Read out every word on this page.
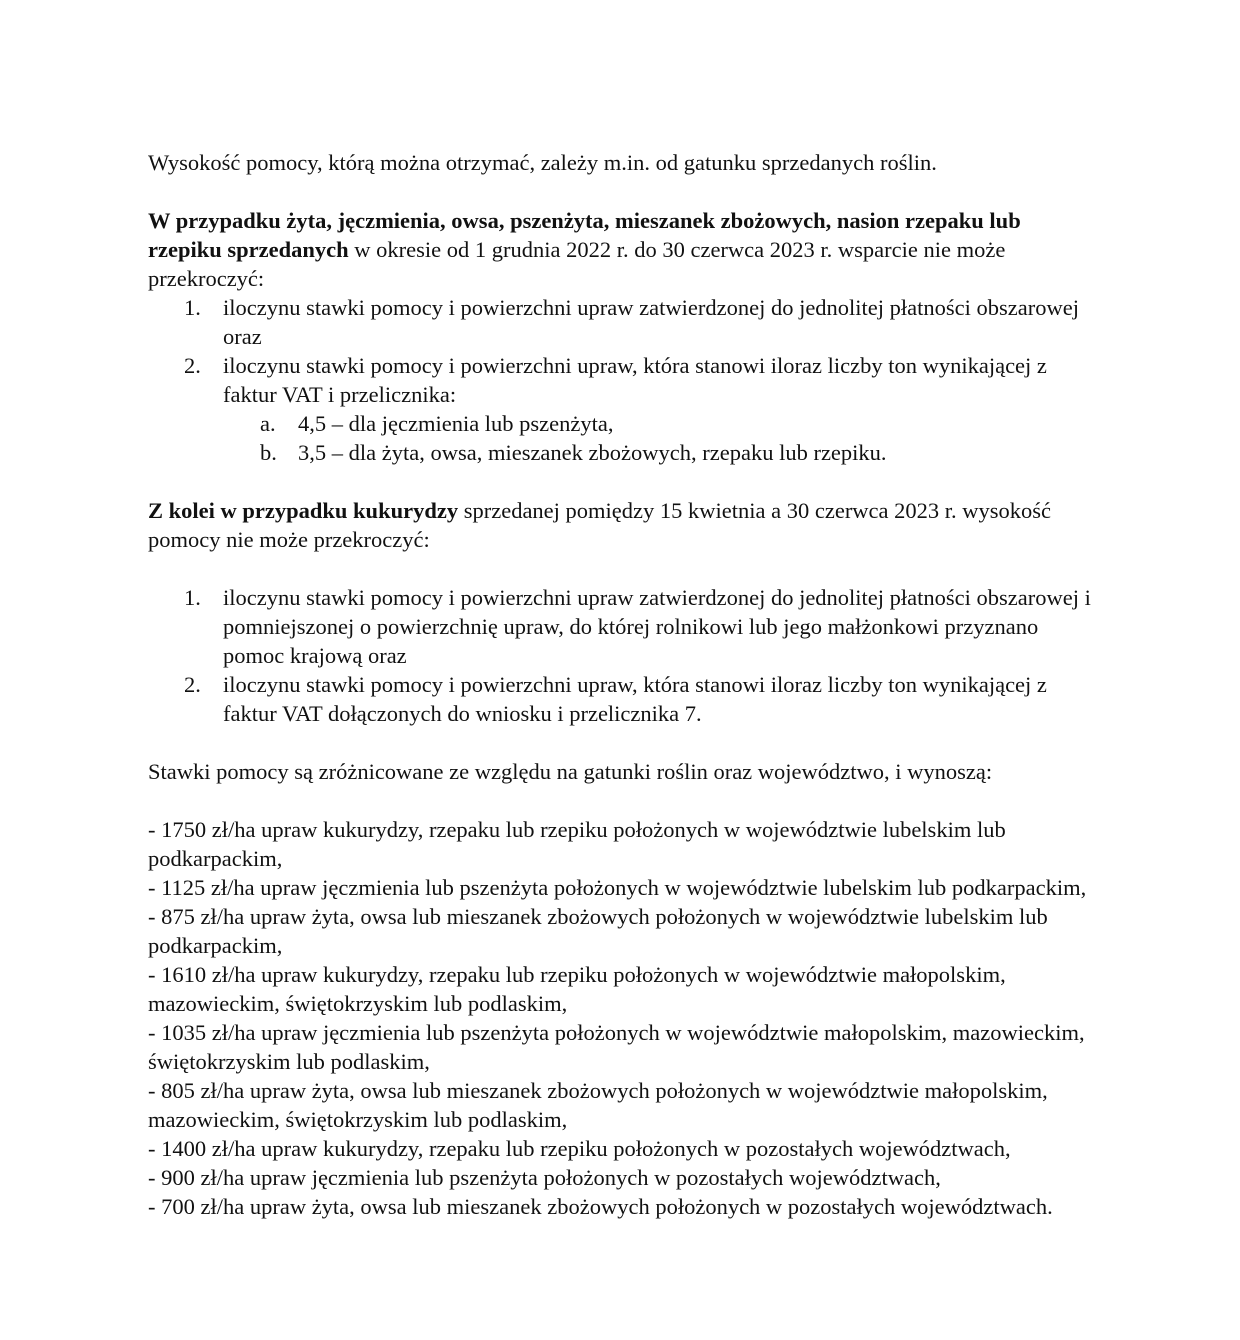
Wysokość pomocy, którą można otrzymać, zależy m.in. od gatunku sprzedanych roślin.

W przypadku żyta, jęczmienia, owsa, pszenżyta, mieszanek zbożowych, nasion rzepaku lub rzepiku sprzedanych w okresie od 1 grudnia 2022 r. do 30 czerwca 2023 r. wsparcie nie może przekroczyć:

1. iloczynu stawki pomocy i powierzchni upraw zatwierdzonej do jednolitej płatności obszarowej oraz
2. iloczynu stawki pomocy i powierzchni upraw, która stanowi iloraz liczby ton wynikającej z faktur VAT i przelicznika:
a. 4,5 – dla jęczmienia lub pszenżyta,
b. 3,5 – dla żyta, owsa, mieszanek zbożowych, rzepaku lub rzepiku.

Z kolei w przypadku kukurydzy sprzedanej pomiędzy 15 kwietnia a 30 czerwca 2023 r. wysokość pomocy nie może przekroczyć:

1. iloczynu stawki pomocy i powierzchni upraw zatwierdzonej do jednolitej płatności obszarowej i pomniejszonej o powierzchnię upraw, do której rolnikowi lub jego małżonkowi przyznano pomoc krajową oraz
2. iloczynu stawki pomocy i powierzchni upraw, która stanowi iloraz liczby ton wynikającej z faktur VAT dołączonych do wniosku i przelicznika 7.

Stawki pomocy są zróżnicowane ze względu na gatunki roślin oraz województwo, i wynoszą:

- 1750 zł/ha upraw kukurydzy, rzepaku lub rzepiku położonych w województwie lubelskim lub podkarpackim,
- 1125 zł/ha upraw jęczmienia lub pszenżyta położonych w województwie lubelskim lub podkarpackim,
- 875 zł/ha upraw żyta, owsa lub mieszanek zbożowych położonych w województwie lubelskim lub podkarpackim,
- 1610 zł/ha upraw kukurydzy, rzepaku lub rzepiku położonych w województwie małopolskim, mazowieckim, świętokrzyskim lub podlaskim,
- 1035 zł/ha upraw jęczmienia lub pszenżyta położonych w województwie małopolskim, mazowieckim, świętokrzyskim lub podlaskim,
- 805 zł/ha upraw żyta, owsa lub mieszanek zbożowych położonych w województwie małopolskim, mazowieckim, świętokrzyskim lub podlaskim,
- 1400 zł/ha upraw kukurydzy, rzepaku lub rzepiku położonych w pozostałych województwach,
- 900 zł/ha upraw jęczmienia lub pszenżyta położonych w pozostałych województwach,
- 700 zł/ha upraw żyta, owsa lub mieszanek zbożowych położonych w pozostałych województwach.
